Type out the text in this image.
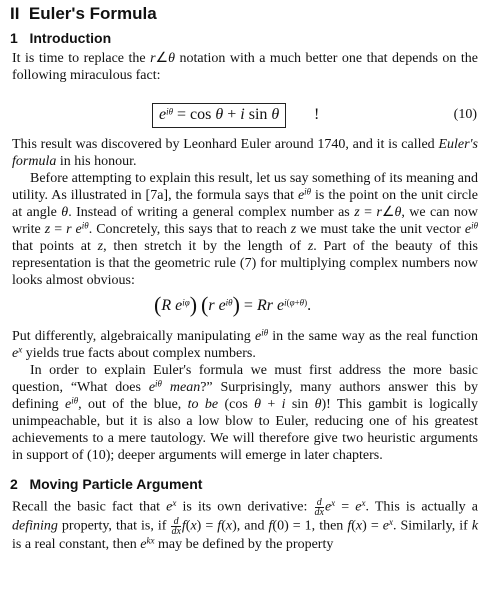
II Euler's Formula
1 Introduction

It is time to replace the r∠θ notation with a much better one that depends on the following miraculous fact:

$e^{i\theta} = \cos \theta + i$ sin θ	!	(10)

This result was discovered by Leonhard Euler around 1740, and it is called Euler's formula in his honour.

Before attempting to explain this result, let us say something of its meaning and utility. As illustrated in [7a], the formula says that $e^{i\theta}$ is the point on the unit circle at angle θ. Instead of writing a general complex number as z = r∠θ, we can now write z = r $e^{i\theta}$. Concretely, this says that to reach z we must take the unit vector $e^{i\theta}$ that points at z, then stretch it by the length of z. Part of the beauty of this representation is that the geometric rule (7) for multiplying complex numbers now looks almost obvious:

(R $e^{i\varphi}$) (r $e^{i\theta}) = Rr$ $e^{i(\varphi+\theta)}$.

Put differently, algebraically manipulating $e^{i\theta}$ in the same way as the real function $e^x$ yields true facts about complex numbers.

In order to explain Euler's formula we must first address the more basic question, “What does $e^{i\theta}$ mean?” Surprisingly, many authors answer this by defining $e^{i\theta}$, out of the blue, to be (cos θ + i sin θ)! This gambit is logically unimpeachable, but it is also a low blow to Euler, reducing one of his greatest achievements to a mere tautology. We will therefore give two heuristic arguments in support of (10); deeper arguments will emerge in later chapters.

2 Moving Particle Argument

Recall the basic fact that $e^x$ is its own derivative: $\frac{d}{dx} e^x = e^x$. This is actually a defining property, that is, if $\frac{d}{dx} f(x) = f(x)$, and f(0) = 1, then $f(x) = e^x$. Similarly, if k is a real constant, then $e^{kx}$ may be defined by the property
